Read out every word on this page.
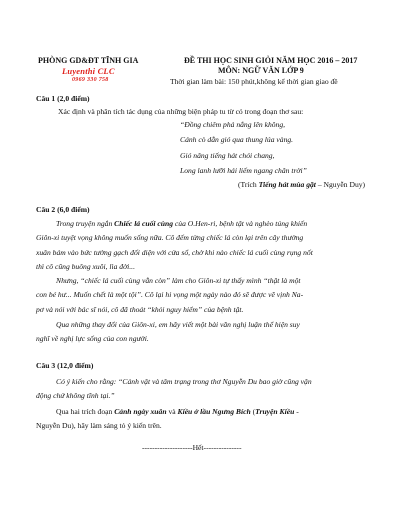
PHÒNG GD&ĐT TĨNH GIA
Luyenthi CLC
0969 330 758
ĐỀ THI HỌC SINH GIỎI NĂM HỌC 2016 – 2017
MÔN: NGỮ VĂN LỚP 9
Thời gian làm bài: 150 phút,không kể thời gian giao đề
Câu 1 (2,0 điểm)
Xác định và phân tích tác dụng của những biện pháp tu từ có trong đoạn thơ sau:
“Đồng chiêm phả nắng lên không,
Cánh cò dẫn gió qua thung lúa vàng.
Gió nâng tiếng hát chói chang,
Long lanh lưỡi hái liếm ngang chân trời”
(Trích Tiếng hát mùa gặt – Nguyễn Duy)
Câu 2 (6,0 điểm)
Trong truyện ngắn Chiếc lá cuối cùng của O.Hen-ri, bệnh tật và nghèo túng khiến
Giôn-xi tuyệt vọng không muốn sống nữa. Cô đếm từng chiếc lá còn lại trên cây thường
xuân bám vào bức tường gạch đối diện với cửa sổ, chờ khi nào chiếc lá cuối cùng rụng nốt
thì cô cũng buông xuôi, lìa đời...
Nhưng, “chiếc lá cuối cùng vẫn còn” làm cho Giôn-xi tự thấy mình “thật là một
con bé hư... Muốn chết là một tội”. Cô lại hi vọng một ngày nào đó sẽ được vẽ vịnh Na-
pơ và nói với bác sĩ nói, cô đã thoát “khỏi nguy hiểm” của bệnh tật.
Qua những thay đổi của Giôn-xi, em hãy viết một bài văn nghị luận thể hiện suy
nghĩ về nghị lực sống của con người.
Câu 3 (12,0 điểm)
Có ý kiến cho rằng: “Cảnh vật và tâm trạng trong thơ Nguyễn Du bao giờ cũng vận
động chứ không tĩnh tại.”
Qua hai trích đoạn Cảnh ngày xuân và Kiều ở lầu Ngưng Bích (Truyện Kiều -
Nguyễn Du), hãy làm sáng tỏ ý kiến trên.
--------------------Hết---------------
